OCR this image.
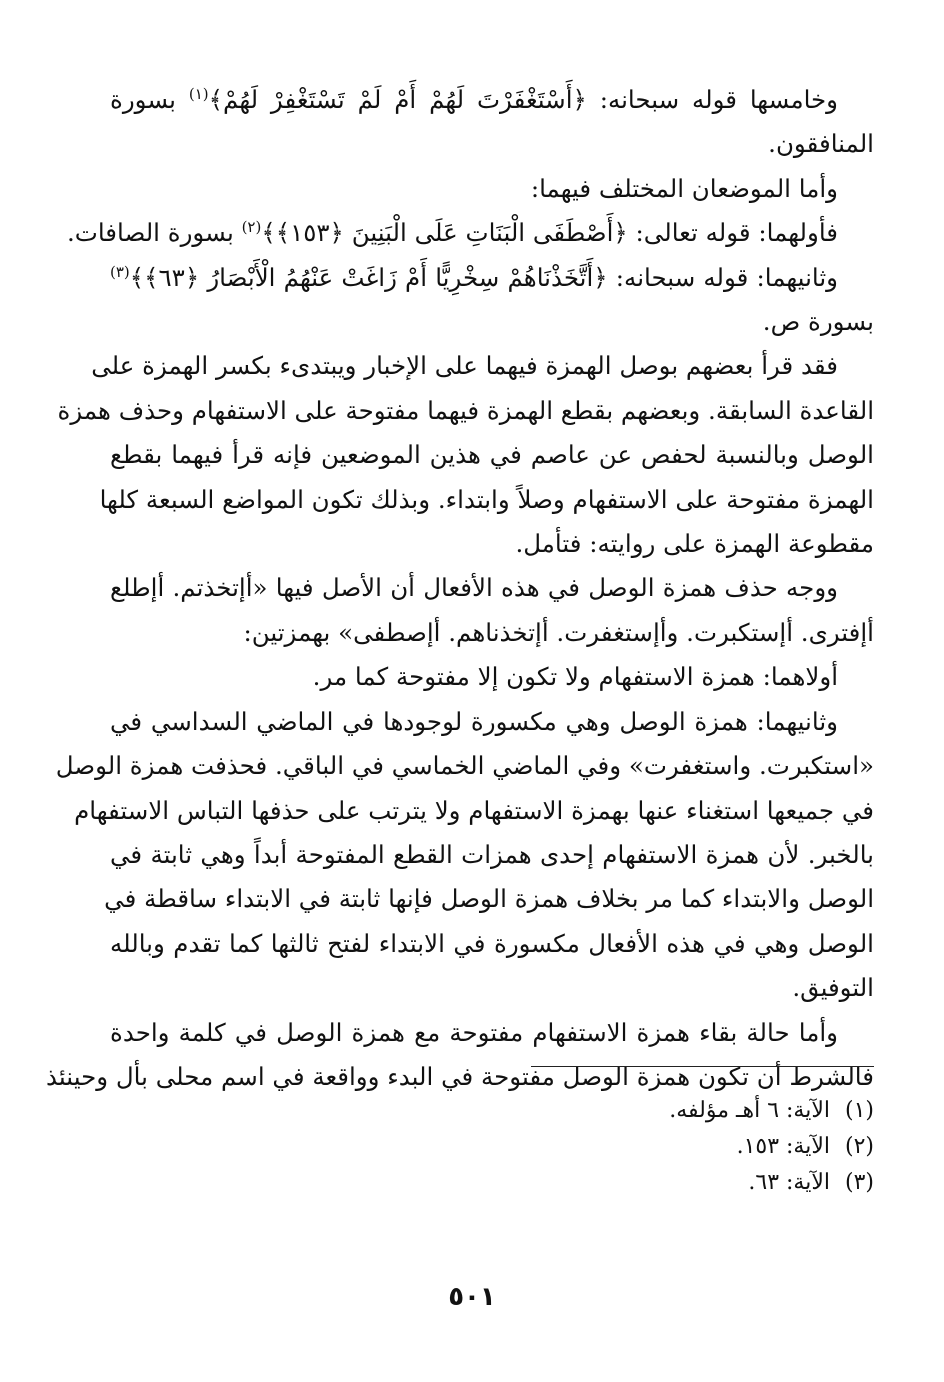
وخامسها قوله سبحانه: ﴿أَسْتَغْفَرْتَ لَهُمْ أَمْ لَمْ تَسْتَغْفِرْ لَهُمْ﴾$^{(١)}$ بسورة
المنافقون.
وأما الموضعان المختلف فيهما:
فأولهما: قوله تعالى: ﴿أَصْطَفَى الْبَنَاتِ عَلَى الْبَنِينَ ﴿١٥٣﴾﴾$^{(٢)}$ بسورة الصافات.
وثانيهما: قوله سبحانه: ﴿أَتَّخَذْنَاهُمْ سِخْرِيًّا أَمْ زَاغَتْ عَنْهُمُ الْأَبْصَارُ ﴿٦٣﴾﴾$^{(٣)}$
بسورة ص.
فقد قرأ بعضهم بوصل الهمزة فيهما على الإخبار ويبتدىء بكسر الهمزة على
القاعدة السابقة. وبعضهم بقطع الهمزة فيهما مفتوحة على الاستفهام وحذف همزة
الوصل وبالنسبة لحفص عن عاصم في هذين الموضعين فإنه قرأ فيهما بقطع
الهمزة مفتوحة على الاستفهام وصلاً وابتداء. وبذلك تكون المواضع السبعة كلها
مقطوعة الهمزة على روايته: فتأمل.
ووجه حذف همزة الوصل في هذه الأفعال أن الأصل فيها «أإتخذتم. أإطلع
أإفترى. أإستكبرت. وأإستغفرت. أإتخذناهم. أإصطفى» بهمزتين:
أولاهما: همزة الاستفهام ولا تكون إلا مفتوحة كما مر.
وثانيهما: همزة الوصل وهي مكسورة لوجودها في الماضي السداسي في
«استكبرت. واستغفرت» وفي الماضي الخماسي في الباقي. فحذفت همزة الوصل
في جميعها استغناء عنها بهمزة الاستفهام ولا يترتب على حذفها التباس الاستفهام
بالخبر. لأن همزة الاستفهام إحدى همزات القطع المفتوحة أبداً وهي ثابتة في
الوصل والابتداء كما مر بخلاف همزة الوصل فإنها ثابتة في الابتداء ساقطة في
الوصل وهي في هذه الأفعال مكسورة في الابتداء لفتح ثالثها كما تقدم وبالله
التوفيق.
وأما حالة بقاء همزة الاستفهام مفتوحة مع همزة الوصل في كلمة واحدة
فالشرط أن تكون همزة الوصل مفتوحة في البدء وواقعة في اسم محلى بأل وحينئذ
(١)الآية: ٦ أهـ مؤلفه.
(٢)الآية: ١٥٣.
(٣)الآية: ٦٣.
٥٠١
